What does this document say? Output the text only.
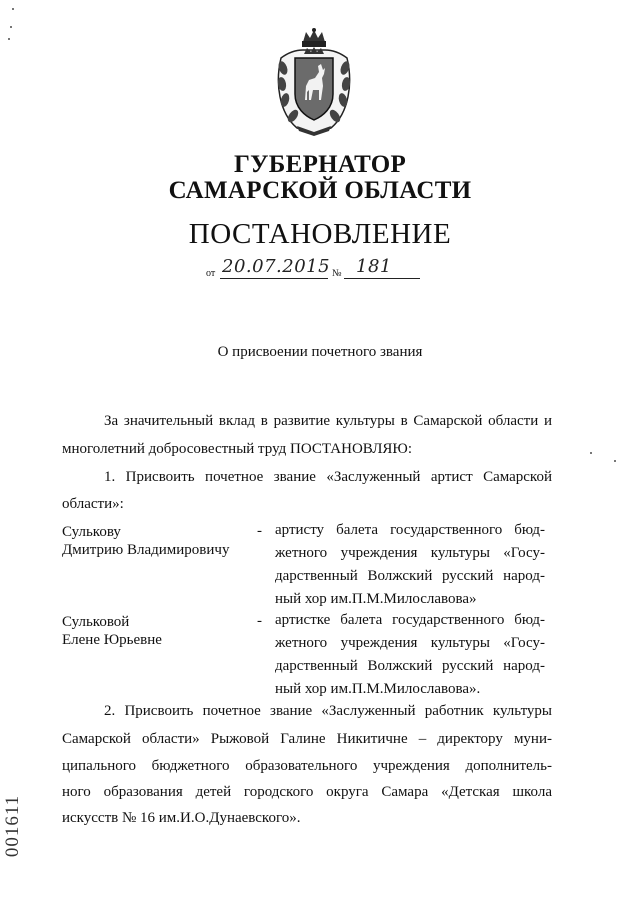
ГУБЕРНАТОР
САМАРСКОЙ ОБЛАСТИ
ПОСТАНОВЛЕНИЕ
от 20.07.2015 № 181
О присвоении почетного звания
За значительный вклад в развитие культуры в Самарской области и
многолетний добросовестный труд ПОСТАНОВЛЯЮ:
1. Присвоить почетное звание «Заслуженный артист Самарской
области»:
Сулькову
Дмитрию Владимировичу
- артисту балета государственного бюд-
жетного учреждения культуры «Госу-
дарственный Волжский русский народ-
ный хор им.П.М.Милославова»
Сульковой
Елене Юрьевне
- артистке балета государственного бюд-
жетного учреждения культуры «Госу-
дарственный Волжский русский народ-
ный хор им.П.М.Милославова».
2. Присвоить почетное звание «Заслуженный работник культуры
Самарской области» Рыжовой Галине Никитичне – директору муни-
ципального бюджетного образовательного учреждения дополнитель-
ного образования детей городского округа Самара «Детская школа
искусств № 16 им.И.О.Дунаевского».
001611
